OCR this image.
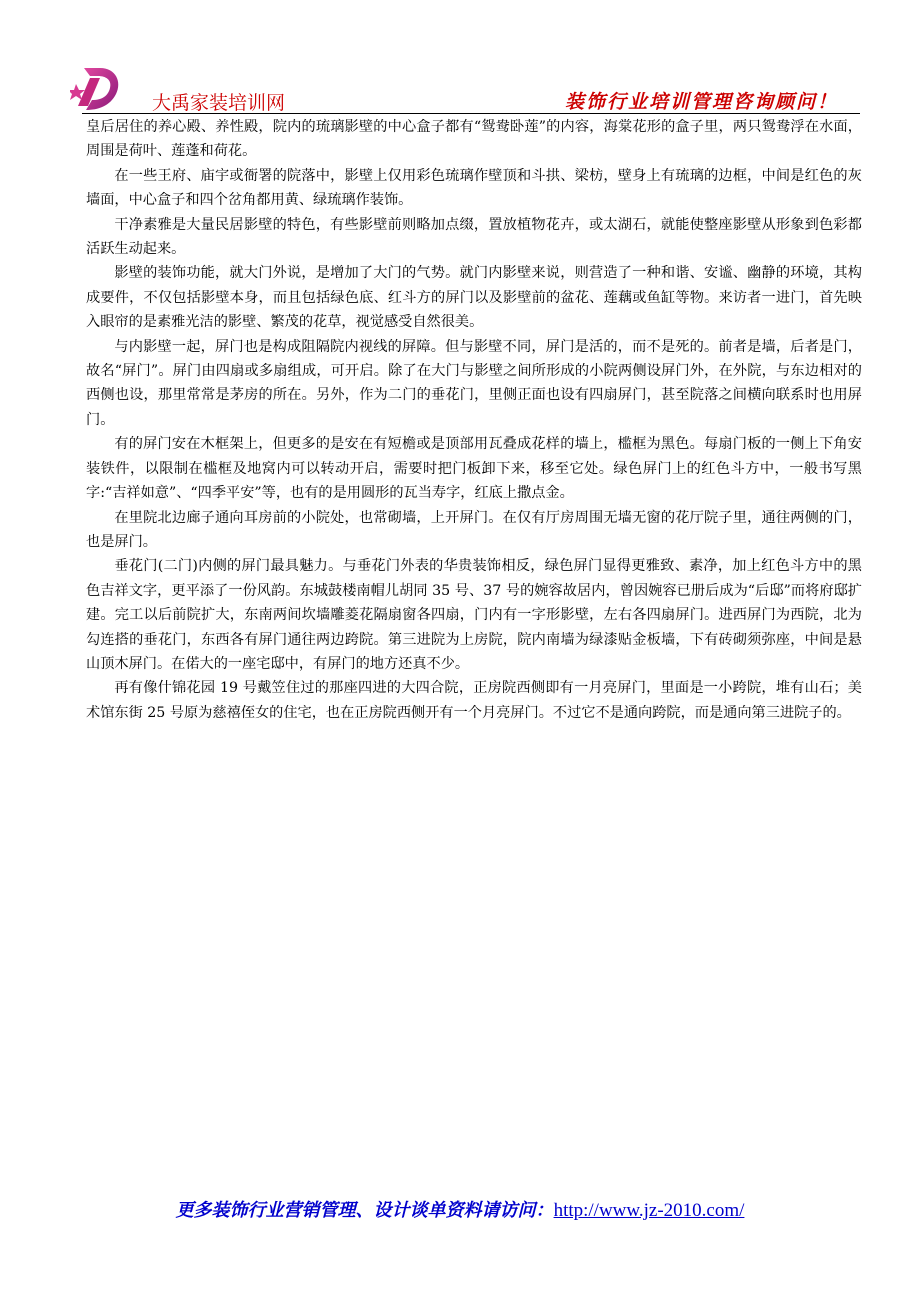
大禹家装培训网	装饰行业培训管理咨询顾问！

皇后居住的养心殿、养性殿，院内的琉璃影壁的中心盒子都有“鸳鸯卧莲”的内容，海棠花形的盒子里，两只鸳鸯浮在水面，周围是荷叶、莲蓬和荷花。

在一些王府、庙宇或衙署的院落中，影壁上仅用彩色琉璃作壁顶和斗拱、梁枋，壁身上有琉璃的边框，中间是红色的灰墙面，中心盒子和四个岔角都用黄、绿琉璃作装饰。

干净素雅是大量民居影壁的特色，有些影壁前则略加点缀，置放植物花卉，或太湖石，就能使整座影壁从形象到色彩都活跃生动起来。

影壁的装饰功能，就大门外说，是增加了大门的气势。就门内影壁来说，则营造了一种和谐、安谧、幽静的环境，其构成要件，不仅包括影壁本身，而且包括绿色底、红斗方的屏门以及影壁前的盆花、莲藕或鱼缸等物。来访者一进门，首先映入眼帘的是素雅光洁的影壁、繁茂的花草，视觉感受自然很美。

与内影壁一起，屏门也是构成阻隔院内视线的屏障。但与影壁不同，屏门是活的，而不是死的。前者是墙，后者是门，故名“屏门”。屏门由四扇或多扇组成，可开启。除了在大门与影壁之间所形成的小院两侧设屏门外，在外院，与东边相对的西侧也设，那里常常是茅房的所在。另外，作为二门的垂花门，里侧正面也设有四扇屏门，甚至院落之间横向联系时也用屏门。

有的屏门安在木框架上，但更多的是安在有短檐或是顶部用瓦叠成花样的墙上，槛框为黑色。每扇门板的一侧上下角安装铁件，以限制在槛框及地窝内可以转动开启，需要时把门板卸下来，移至它处。绿色屏门上的红色斗方中，一般书写黑字:“吉祥如意”、“四季平安”等，也有的是用圆形的瓦当寿字，红底上撒点金。

在里院北边廊子通向耳房前的小院处，也常砌墙，上开屏门。在仅有厅房周围无墙无窗的花厅院子里，通往两侧的门，也是屏门。

垂花门(二门)内侧的屏门最具魅力。与垂花门外表的华贵装饰相反，绿色屏门显得更雅致、素净，加上红色斗方中的黑色吉祥文字，更平添了一份风韵。东城鼓楼南帽儿胡同 35 号、37 号的婉容故居内，曾因婉容已册后成为“后邸”而将府邸扩建。完工以后前院扩大，东南两间坎墙雕菱花隔扇窗各四扇，门内有一字形影壁，左右各四扇屏门。进西屏门为西院，北为勾连搭的垂花门，东西各有屏门通往两边跨院。第三进院为上房院，院内南墙为绿漆贴金板墙，下有砖砌须弥座，中间是悬山顶木屏门。在偌大的一座宅邸中，有屏门的地方还真不少。

再有像什锦花园 19 号戴笠住过的那座四进的大四合院，正房院西侧即有一月亮屏门，里面是一小跨院，堆有山石；美术馆东街 25 号原为慈禧侄女的住宅，也在正房院西侧开有一个月亮屏门。不过它不是通向跨院，而是通向第三进院子的。

更多装饰行业营销管理、设计谈单资料请访问：http://www.jz-2010.com/
